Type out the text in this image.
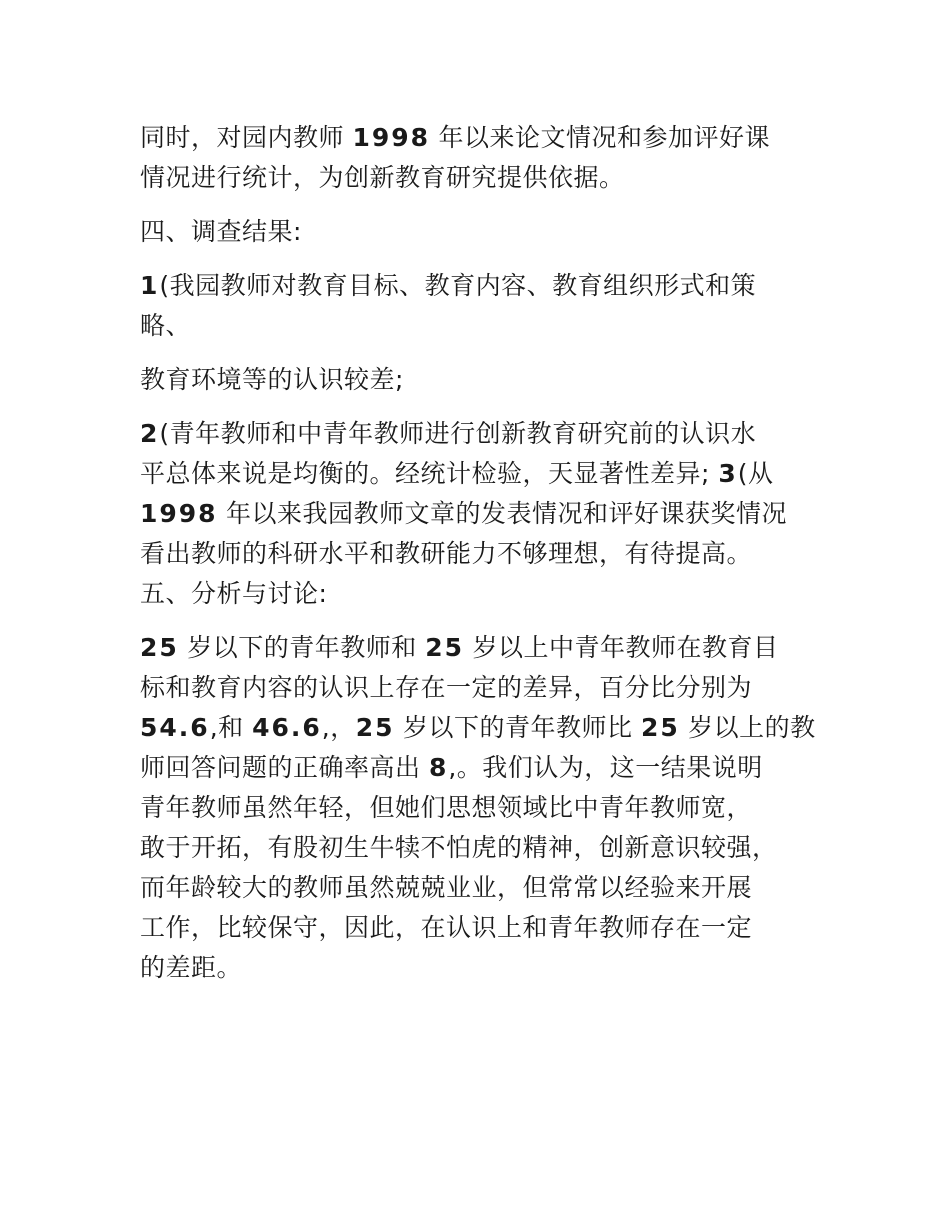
同时，对园内教师 1998 年以来论文情况和参加评好课
情况进行统计，为创新教育研究提供依据。

四、调查结果:

1(我园教师对教育目标、教育内容、教育组织形式和策
略、

教育环境等的认识较差;

2(青年教师和中青年教师进行创新教育研究前的认识水
平总体来说是均衡的。经统计检验，天显著性差异; 3(从
1998 年以来我园教师文章的发表情况和评好课获奖情况
看出教师的科研水平和教研能力不够理想，有待提高。

五、分析与讨论:

25 岁以下的青年教师和 25 岁以上中青年教师在教育目
标和教育内容的认识上存在一定的差异，百分比分别为
54.6,和 46.6,，25 岁以下的青年教师比 25 岁以上的教
师回答问题的正确率高出 8,。我们认为，这一结果说明
青年教师虽然年轻，但她们思想领域比中青年教师宽，
敢于开拓，有股初生牛犊不怕虎的精神，创新意识较强，
而年龄较大的教师虽然兢兢业业，但常常以经验来开展
工作，比较保守，因此，在认识上和青年教师存在一定
的差距。
